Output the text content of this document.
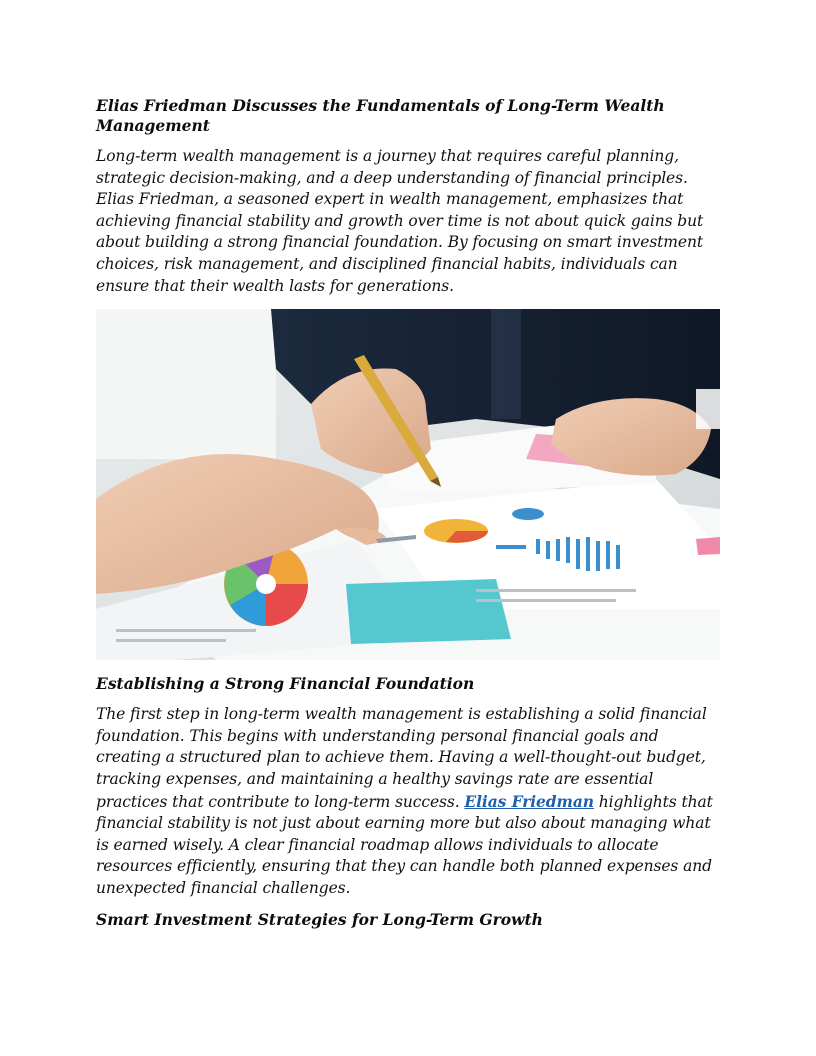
Elias Friedman Discusses the Fundamentals of Long-Term Wealth Management

Long-term wealth management is a journey that requires careful planning, strategic decision-making, and a deep understanding of financial principles. Elias Friedman, a seasoned expert in wealth management, emphasizes that achieving financial stability and growth over time is not about quick gains but about building a strong financial foundation. By focusing on smart investment choices, risk management, and disciplined financial habits, individuals can ensure that their wealth lasts for generations.

Establishing a Strong Financial Foundation

The first step in long-term wealth management is establishing a solid financial foundation. This begins with understanding personal financial goals and creating a structured plan to achieve them. Having a well-thought-out budget, tracking expenses, and maintaining a healthy savings rate are essential practices that contribute to long-term success. Elias Friedman highlights that financial stability is not just about earning more but also about managing what is earned wisely. A clear financial roadmap allows individuals to allocate resources efficiently, ensuring that they can handle both planned expenses and unexpected financial challenges.

Smart Investment Strategies for Long-Term Growth
